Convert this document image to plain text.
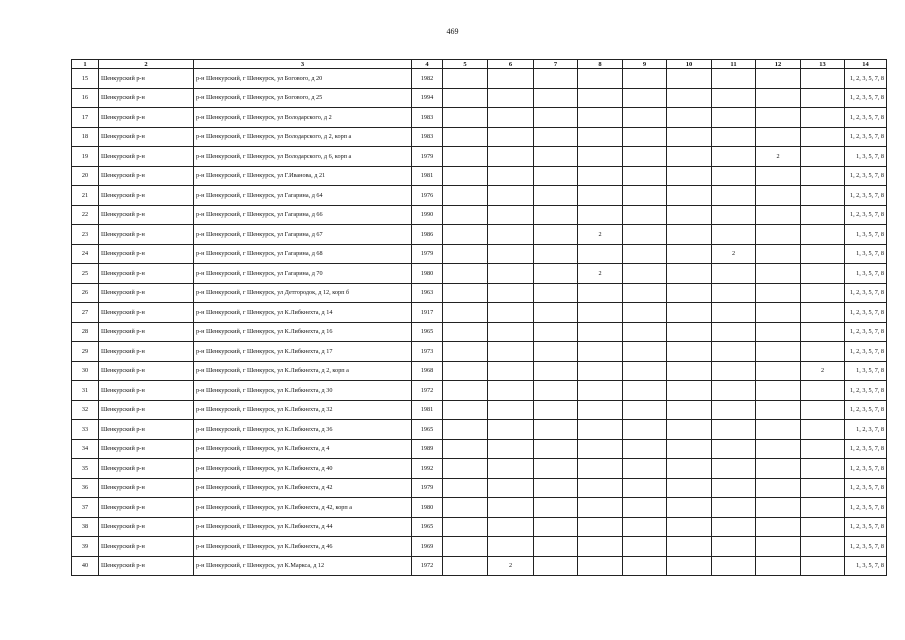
469
1	2	3	4	5	6	7	8	9	10	11	12	13	14
15	Шенкурский р-н	р-н Шенкурский, г Шенкурск, ул Богового, д 20	1982										1, 2, 3, 5, 7, 8
16	Шенкурский р-н	р-н Шенкурский, г Шенкурск, ул Богового, д 25	1994										1, 2, 3, 5, 7, 8
17	Шенкурский р-н	р-н Шенкурский, г Шенкурск, ул Володарского, д 2	1983										1, 2, 3, 5, 7, 8
18	Шенкурский р-н	р-н Шенкурский, г Шенкурск, ул Володарского, д 2, корп а	1983										1, 2, 3, 5, 7, 8
19	Шенкурский р-н	р-н Шенкурский, г Шенкурск, ул Володарского, д 6, корп а	1979								2		1, 3, 5, 7, 8
20	Шенкурский р-н	р-н Шенкурский, г Шенкурск, ул Г.Иванова, д 21	1981										1, 2, 3, 5, 7, 8
21	Шенкурский р-н	р-н Шенкурский, г Шенкурск, ул Гагарина, д 64	1976										1, 2, 3, 5, 7, 8
22	Шенкурский р-н	р-н Шенкурский, г Шенкурск, ул Гагарина, д 66	1990										1, 2, 3, 5, 7, 8
23	Шенкурский р-н	р-н Шенкурский, г Шенкурск, ул Гагарина, д 67	1986				2						1, 3, 5, 7, 8
24	Шенкурский р-н	р-н Шенкурский, г Шенкурск, ул Гагарина, д 68	1979							2			1, 3, 5, 7, 8
25	Шенкурский р-н	р-н Шенкурский, г Шенкурск, ул Гагарина, д 70	1980				2						1, 3, 5, 7, 8
26	Шенкурский р-н	р-н Шенкурский, г Шенкурск, ул Детгородок, д 12, корп б	1963										1, 2, 3, 5, 7, 8
27	Шенкурский р-н	р-н Шенкурский, г Шенкурск, ул К.Либкнехта, д 14	1917										1, 2, 3, 5, 7, 8
28	Шенкурский р-н	р-н Шенкурский, г Шенкурск, ул К.Либкнехта, д 16	1965										1, 2, 3, 5, 7, 8
29	Шенкурский р-н	р-н Шенкурский, г Шенкурск, ул К.Либкнехта, д 17	1973										1, 2, 3, 5, 7, 8
30	Шенкурский р-н	р-н Шенкурский, г Шенкурск, ул К.Либкнехта, д 2, корп а	1968									2	1, 3, 5, 7, 8
31	Шенкурский р-н	р-н Шенкурский, г Шенкурск, ул К.Либкнехта, д 30	1972										1, 2, 3, 5, 7, 8
32	Шенкурский р-н	р-н Шенкурский, г Шенкурск, ул К.Либкнехта, д 32	1981										1, 2, 3, 5, 7, 8
33	Шенкурский р-н	р-н Шенкурский, г Шенкурск, ул К.Либкнехта, д 36	1965										1, 2, 3, 7, 8
34	Шенкурский р-н	р-н Шенкурский, г Шенкурск, ул К.Либкнехта, д 4	1989										1, 2, 3, 5, 7, 8
35	Шенкурский р-н	р-н Шенкурский, г Шенкурск, ул К.Либкнехта, д 40	1992										1, 2, 3, 5, 7, 8
36	Шенкурский р-н	р-н Шенкурский, г Шенкурск, ул К.Либкнехта, д 42	1979										1, 2, 3, 5, 7, 8
37	Шенкурский р-н	р-н Шенкурский, г Шенкурск, ул К.Либкнехта, д 42, корп а	1980										1, 2, 3, 5, 7, 8
38	Шенкурский р-н	р-н Шенкурский, г Шенкурск, ул К.Либкнехта, д 44	1965										1, 2, 3, 5, 7, 8
39	Шенкурский р-н	р-н Шенкурский, г Шенкурск, ул К.Либкнехта, д 46	1969										1, 2, 3, 5, 7, 8
40	Шенкурский р-н	р-н Шенкурский, г Шенкурск, ул К.Маркса, д 12	1972		2								1, 3, 5, 7, 8
